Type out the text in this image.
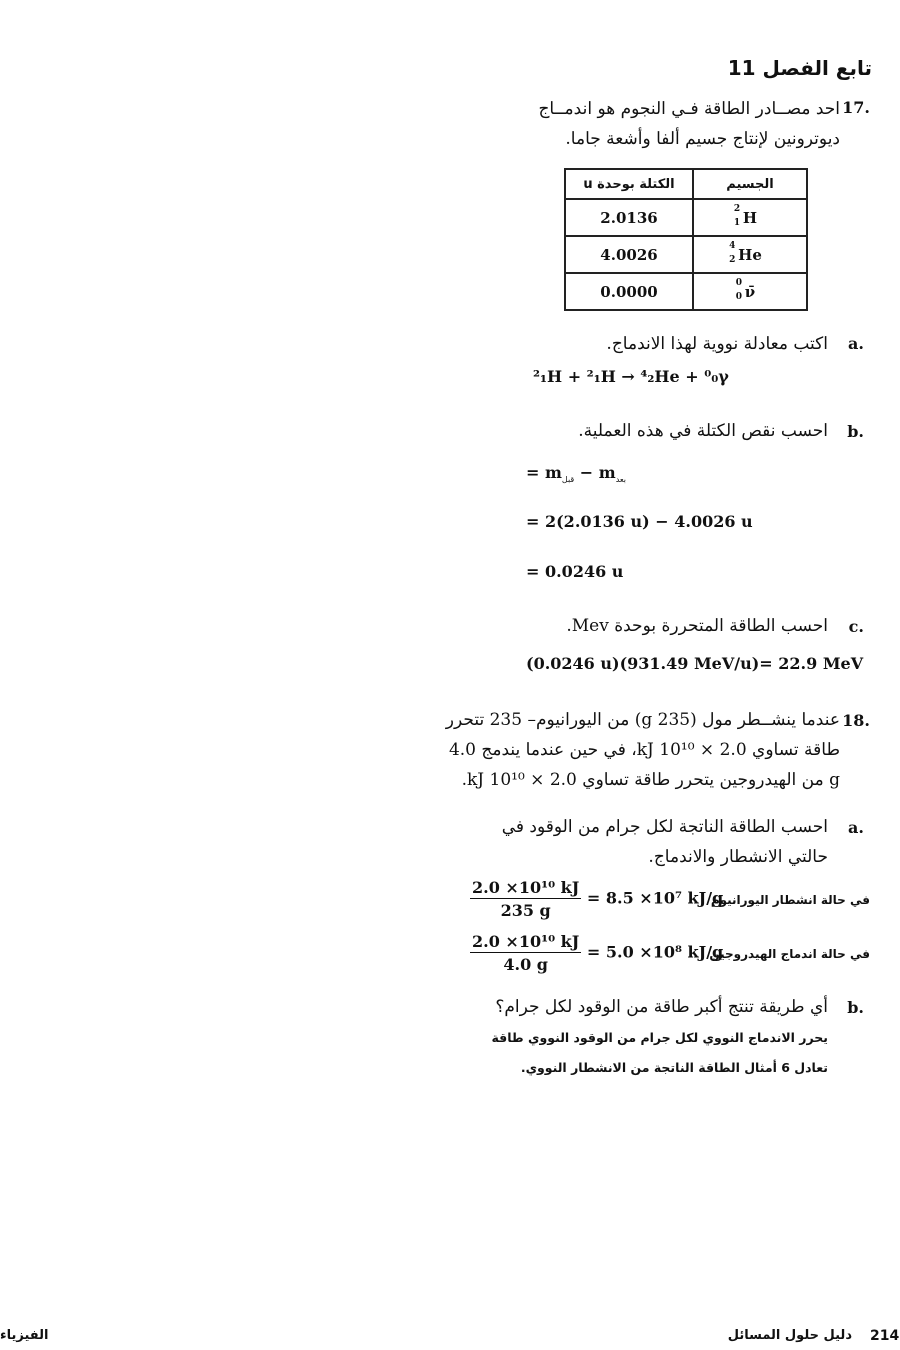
تابع الفصل 11
.17
احد مصــادر الطاقة فـي النجوم هو اندمــاج ديوترونين لإنتاج جسيم ألفا وأشعة جاما.
الجسيم	الكتلة بوحدة u

2
1 H	2.0136

4
2 He	4.0026

0
0 ν̄	0.0000
.a
اكتب معادلة نووية لهذا الاندماج.
²₁H + ²₁H → ⁴₂He + ⁰₀γ
.b
احسب نقص الكتلة في هذه العملية.
= $m_{قبل} - m_{بعد}$
= 2(2.0136 u) − 4.0026 u
= 0.0246 u
.c
احسب الطاقة المتحررة بوحدة Mev.
(0.0246 u)(931.49 MeV/u)= 22.9 MeV
.18
عندما ينشــطر مول (235 g) من اليورانيوم– 235 تتحرر
طاقة تساوي 2.0 × 10¹⁰ kJ، في حين عندما يندمج 4.0
g من الهيدروجين يتحرر طاقة تساوي 2.0 × 10¹⁰ kJ.
.a
احسب الطاقة الناتجة لكل جرام من الوقود في حالتي الانشطار والاندماج.
في حالة انشطار اليورانيوم
$\frac{\text{2.0 ×10¹⁰ kJ}}{235 g} = 8.5 \times 10^7$ kJ/g
في حالة اندماج الهيدروجين
$\frac{\text{2.0 ×10¹⁰ kJ}}{4.0 g} = 5.0 \times 10^8$ kJ/g
.b
أي طريقة تنتج أكبر طاقة من الوقود لكل جرام؟
يحرر الاندماج النووي لكل جرام من الوقود النووي طاقة
تعادل 6 أمثال الطاقة الناتجة من الانشطار النووي.
214
دليل حلول المسائل
الفيزياء
